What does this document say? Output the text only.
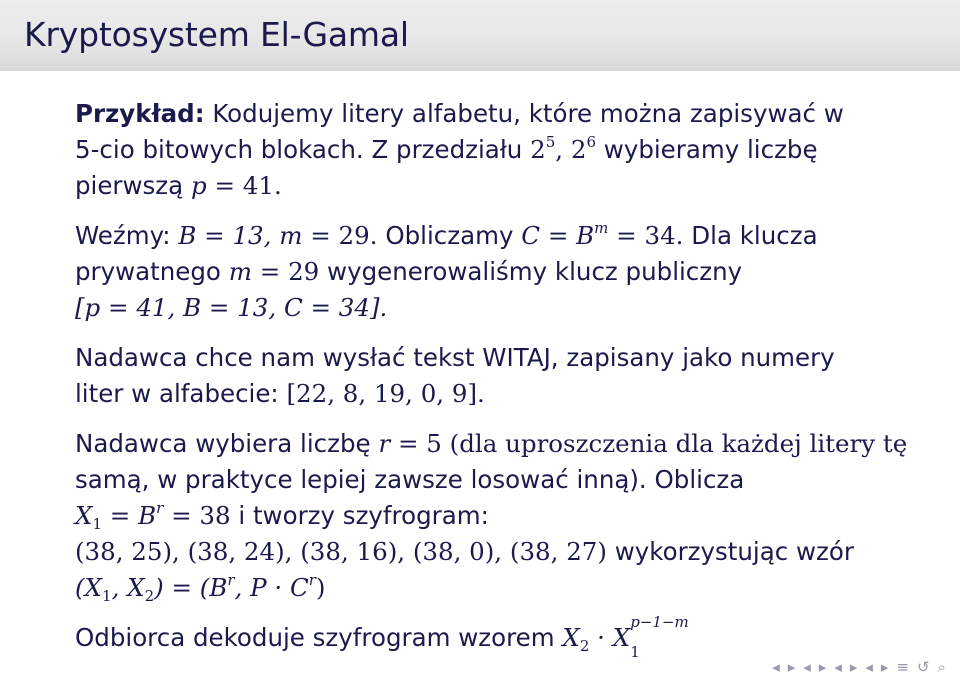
Kryptosystem El-Gamal
Przykład: Kodujemy litery alfabetu, które można zapisywać w
5-cio bitowych blokach. Z przedziału $2^5$, $2^6$ wybieramy liczbę
pierwszą p = 41.
Weźmy: B = 13, m = 29. Obliczamy $C = B^m = 34$. Dla klucza
prywatnego m = 29 wygenerowaliśmy klucz publiczny
[p = 41, B = 13, C = 34].
Nadawca chce nam wysłać tekst WITAJ, zapisany jako numery
liter w alfabecie: [22, 8, 19, 0, 9].
Nadawca wybiera liczbę r = 5 (dla uproszczenia dla każdej litery tę
samą, w praktyce lepiej zawsze losować inną). Oblicza
$X_1 = B^r = 38$ i tworzy szyfrogram:
(38, 25), (38, 24), (38, 16), (38, 0), (38, 27) wykorzystując wzór
($X_1$, $X_2) = (B^r$, $P \cdot C^r$)
Odbiorca dekoduje szyfrogram wzorem $X_2 \cdot X$
p−1−m
1
◂ ▸ ◂ ▸ ◂ ▸ ◂ ▸ ≡ ↺ ⌕
